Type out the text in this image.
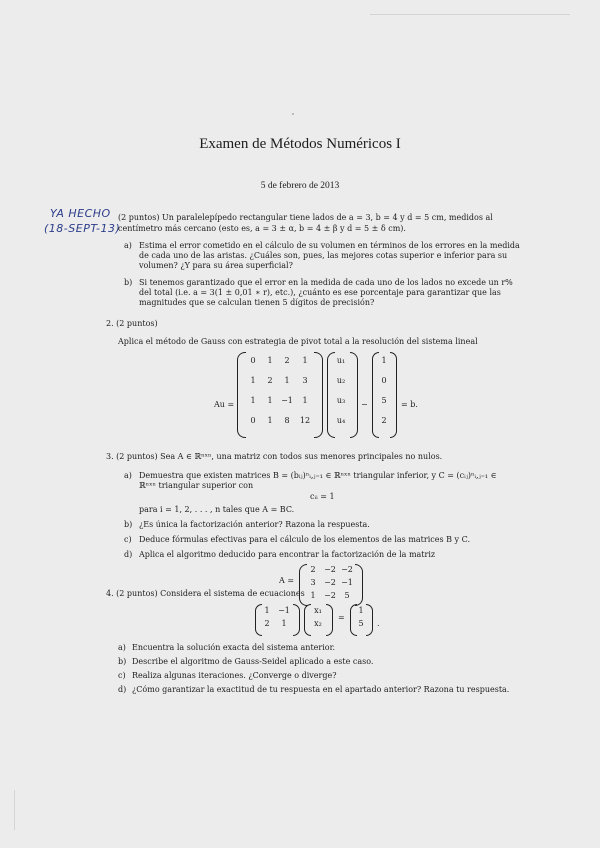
Examen de Métodos Numéricos I
5 de febrero de 2013
YA HECHO
(18-SEPT-13)
(2 puntos) Un paralelepípedo rectangular tiene lados de a = 3, b = 4 y d = 5 cm, medidos al
centímetro más cercano (esto es, a = 3 ± α, b = 4 ± β y d = 5 ± δ cm).
a) Estima el error cometido en el cálculo de su volumen en términos de los errores en la medida
de cada uno de las aristas. ¿Cuáles son, pues, las mejores cotas superior e inferior para su
volumen? ¿Y para su área superficial?
b) Si tenemos garantizado que el error en la medida de cada uno de los lados no excede un r%
del total (i.e. a = 3(1 ± 0,01 ∗ r), etc.), ¿cuánto es ese porcentaje para garantizar que las
magnitudes que se calculan tienen 5 dígitos de precisión?
2. (2 puntos)
Aplica el método de Gauss con estrategia de pivot total a la resolución del sistema lineal
Au =
0	1	2	1
1	2	1	3
1	1	−1	1
0	1	8	12
u₁
u₂
u₃
u₄
−
1
0
5
2
= b.
3. (2 puntos) Sea A ∈ ℝⁿˣⁿ, una matriz con todos sus menores principales no nulos.
a) Demuestra que existen matrices B = (bᵢⱼ)ⁿᵢ,ⱼ₌₁ ∈ ℝⁿˣⁿ triangular inferior, y C = (cᵢⱼ)ⁿᵢ,ⱼ₌₁ ∈
ℝⁿˣⁿ triangular superior con
cᵢᵢ = 1
para i = 1, 2, . . . , n tales que A = BC.
b) ¿Es única la factorización anterior? Razona la respuesta.
c) Deduce fórmulas efectivas para el cálculo de los elementos de las matrices B y C.
d) Aplica el algoritmo deducido para encontrar la factorización de la matriz
A =
2	−2 −2
3	−2 −1
1	−2	5
4. (2 puntos) Considera el sistema de ecuaciones
1	−1
2	1
x₁
x₂
=
1
5	.
a) Encuentra la solución exacta del sistema anterior.
b) Describe el algoritmo de Gauss-Seidel aplicado a este caso.
c) Realiza algunas iteraciones. ¿Converge o diverge?
d) ¿Cómo garantizar la exactitud de tu respuesta en el apartado anterior? Razona tu respuesta.
